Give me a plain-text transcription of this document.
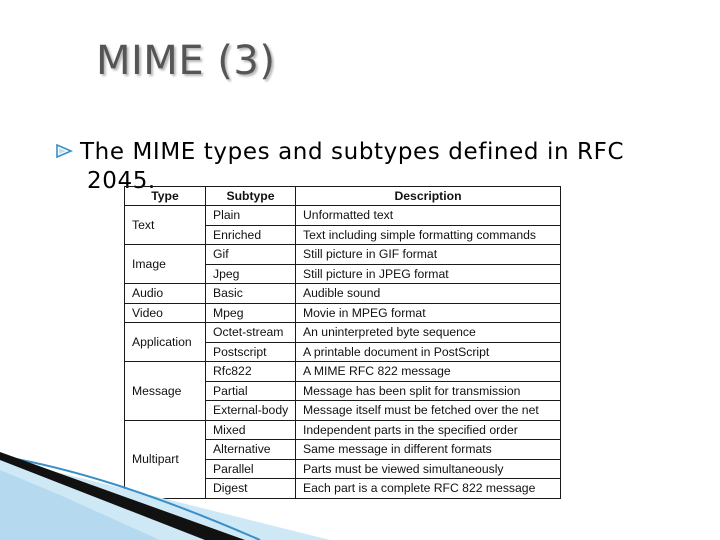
MIME (3)
The MIME types and subtypes defined in RFC 2045.
Type	Subtype	Description
Text	Plain	Unformatted text
	Enriched	Text including simple formatting commands
Image	Gif	Still picture in GIF format
	Jpeg	Still picture in JPEG format
Audio	Basic	Audible sound
Video	Mpeg	Movie in MPEG format
Application	Octet-stream	An uninterpreted byte sequence
	Postscript	A printable document in PostScript
Message	Rfc822	A MIME RFC 822 message
	Partial	Message has been split for transmission
	External-body	Message itself must be fetched over the net
Multipart	Mixed	Independent parts in the specified order
	Alternative	Same message in different formats
	Parallel	Parts must be viewed simultaneously
	Digest	Each part is a complete RFC 822 message
